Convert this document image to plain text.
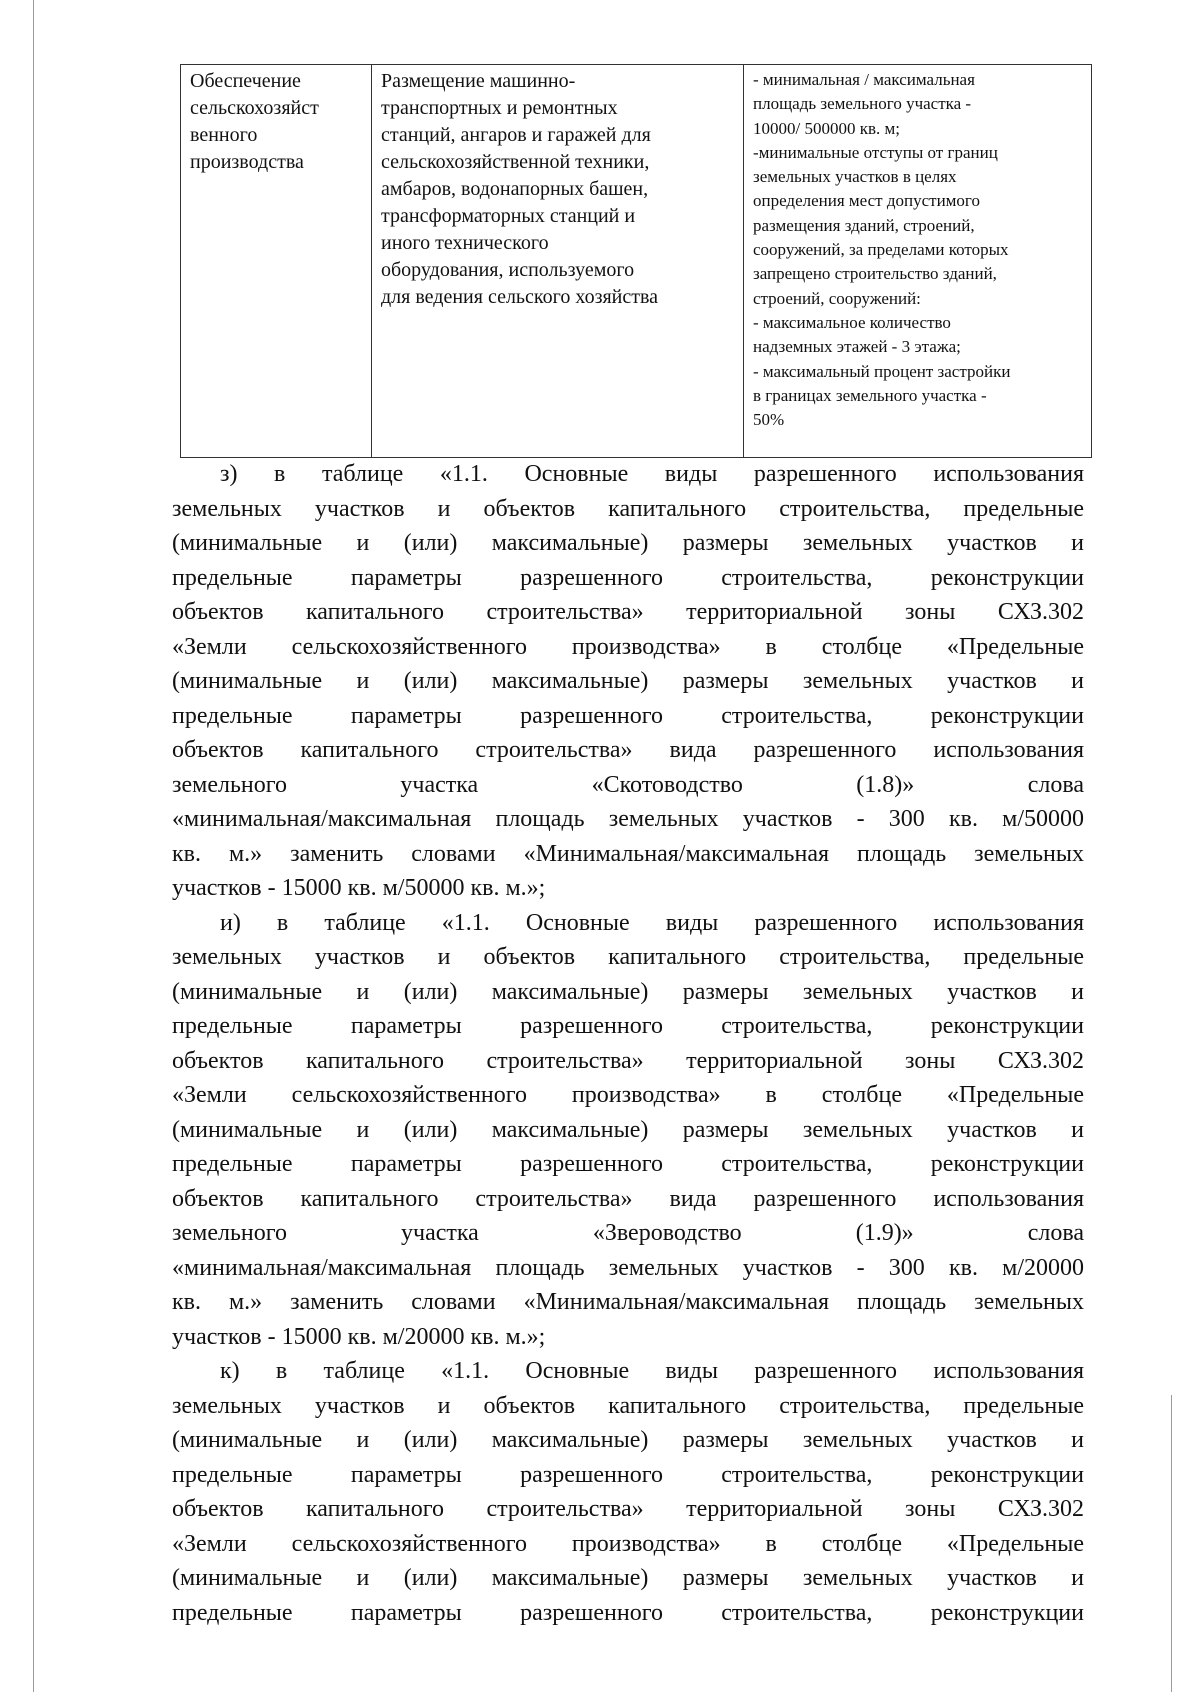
Обеспечение
сельскохозяйст
венного
производства

Размещение машинно-
транспортных и ремонтных
станций, ангаров и гаражей для
сельскохозяйственной техники,
амбаров, водонапорных башен,
трансформаторных станций и
иного технического
оборудования, используемого
для ведения сельского хозяйства

- минимальная / максимальная
площадь земельного участка -
10000/ 500000 кв. м;
-минимальные отступы от границ
земельных участков в целях
определения мест допустимого
размещения зданий, строений,
сооружений, за пределами которых
запрещено строительство зданий,
строений, сооружений:
- максимальное количество
надземных этажей - 3 этажа;
- максимальный процент застройки
в границах земельного участка -
50%
з) в таблице «1.1. Основные виды разрешенного использования
земельных участков и объектов капитального строительства, предельные
(минимальные и (или) максимальные) размеры земельных участков и
предельные параметры разрешенного строительства, реконструкции
объектов капитального строительства» территориальной зоны СХЗ.302
«Земли сельскохозяйственного производства» в столбце «Предельные
(минимальные и (или) максимальные) размеры земельных участков и
предельные параметры разрешенного строительства, реконструкции
объектов капитального строительства» вида разрешенного использования
земельного участка «Скотоводство (1.8)» слова
«минимальная/максимальная площадь земельных участков - 300 кв. м/50000
кв. м.» заменить словами «Минимальная/максимальная площадь земельных
участков - 15000 кв. м/50000 кв. м.»;
и) в таблице «1.1. Основные виды разрешенного использования
земельных участков и объектов капитального строительства, предельные
(минимальные и (или) максимальные) размеры земельных участков и
предельные параметры разрешенного строительства, реконструкции
объектов капитального строительства» территориальной зоны СХЗ.302
«Земли сельскохозяйственного производства» в столбце «Предельные
(минимальные и (или) максимальные) размеры земельных участков и
предельные параметры разрешенного строительства, реконструкции
объектов капитального строительства» вида разрешенного использования
земельного участка «Звероводство (1.9)» слова
«минимальная/максимальная площадь земельных участков - 300 кв. м/20000
кв. м.» заменить словами «Минимальная/максимальная площадь земельных
участков - 15000 кв. м/20000 кв. м.»;
к) в таблице «1.1. Основные виды разрешенного использования
земельных участков и объектов капитального строительства, предельные
(минимальные и (или) максимальные) размеры земельных участков и
предельные параметры разрешенного строительства, реконструкции
объектов капитального строительства» территориальной зоны СХЗ.302
«Земли сельскохозяйственного производства» в столбце «Предельные
(минимальные и (или) максимальные) размеры земельных участков и
предельные параметры разрешенного строительства, реконструкции
